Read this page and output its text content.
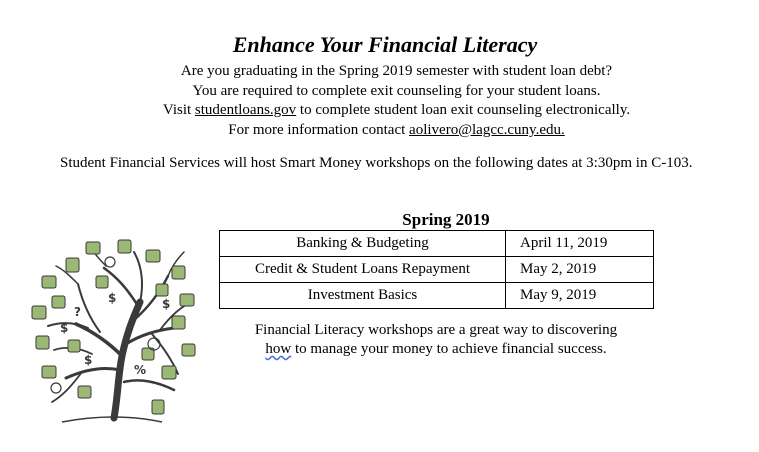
Enhance Your Financial Literacy

Are you graduating in the Spring 2019 semester with student loan debt?

You are required to complete exit counseling for your student loans.

Visit studentloans.gov to complete student loan exit counseling electronically.

For more information contact aolivero@lagcc.cuny.edu.

Student Financial Services will host Smart Money workshops on the following dates at 3:30pm in C-103.
Spring 2019
Banking & Budgeting	April 11, 2019
Credit & Student Loans Repayment	May 2, 2019
Investment Basics	May 9, 2019

Financial Literacy workshops are a great way to discovering

how to manage your money to achieve financial success.

$
$
$
$
?
%
